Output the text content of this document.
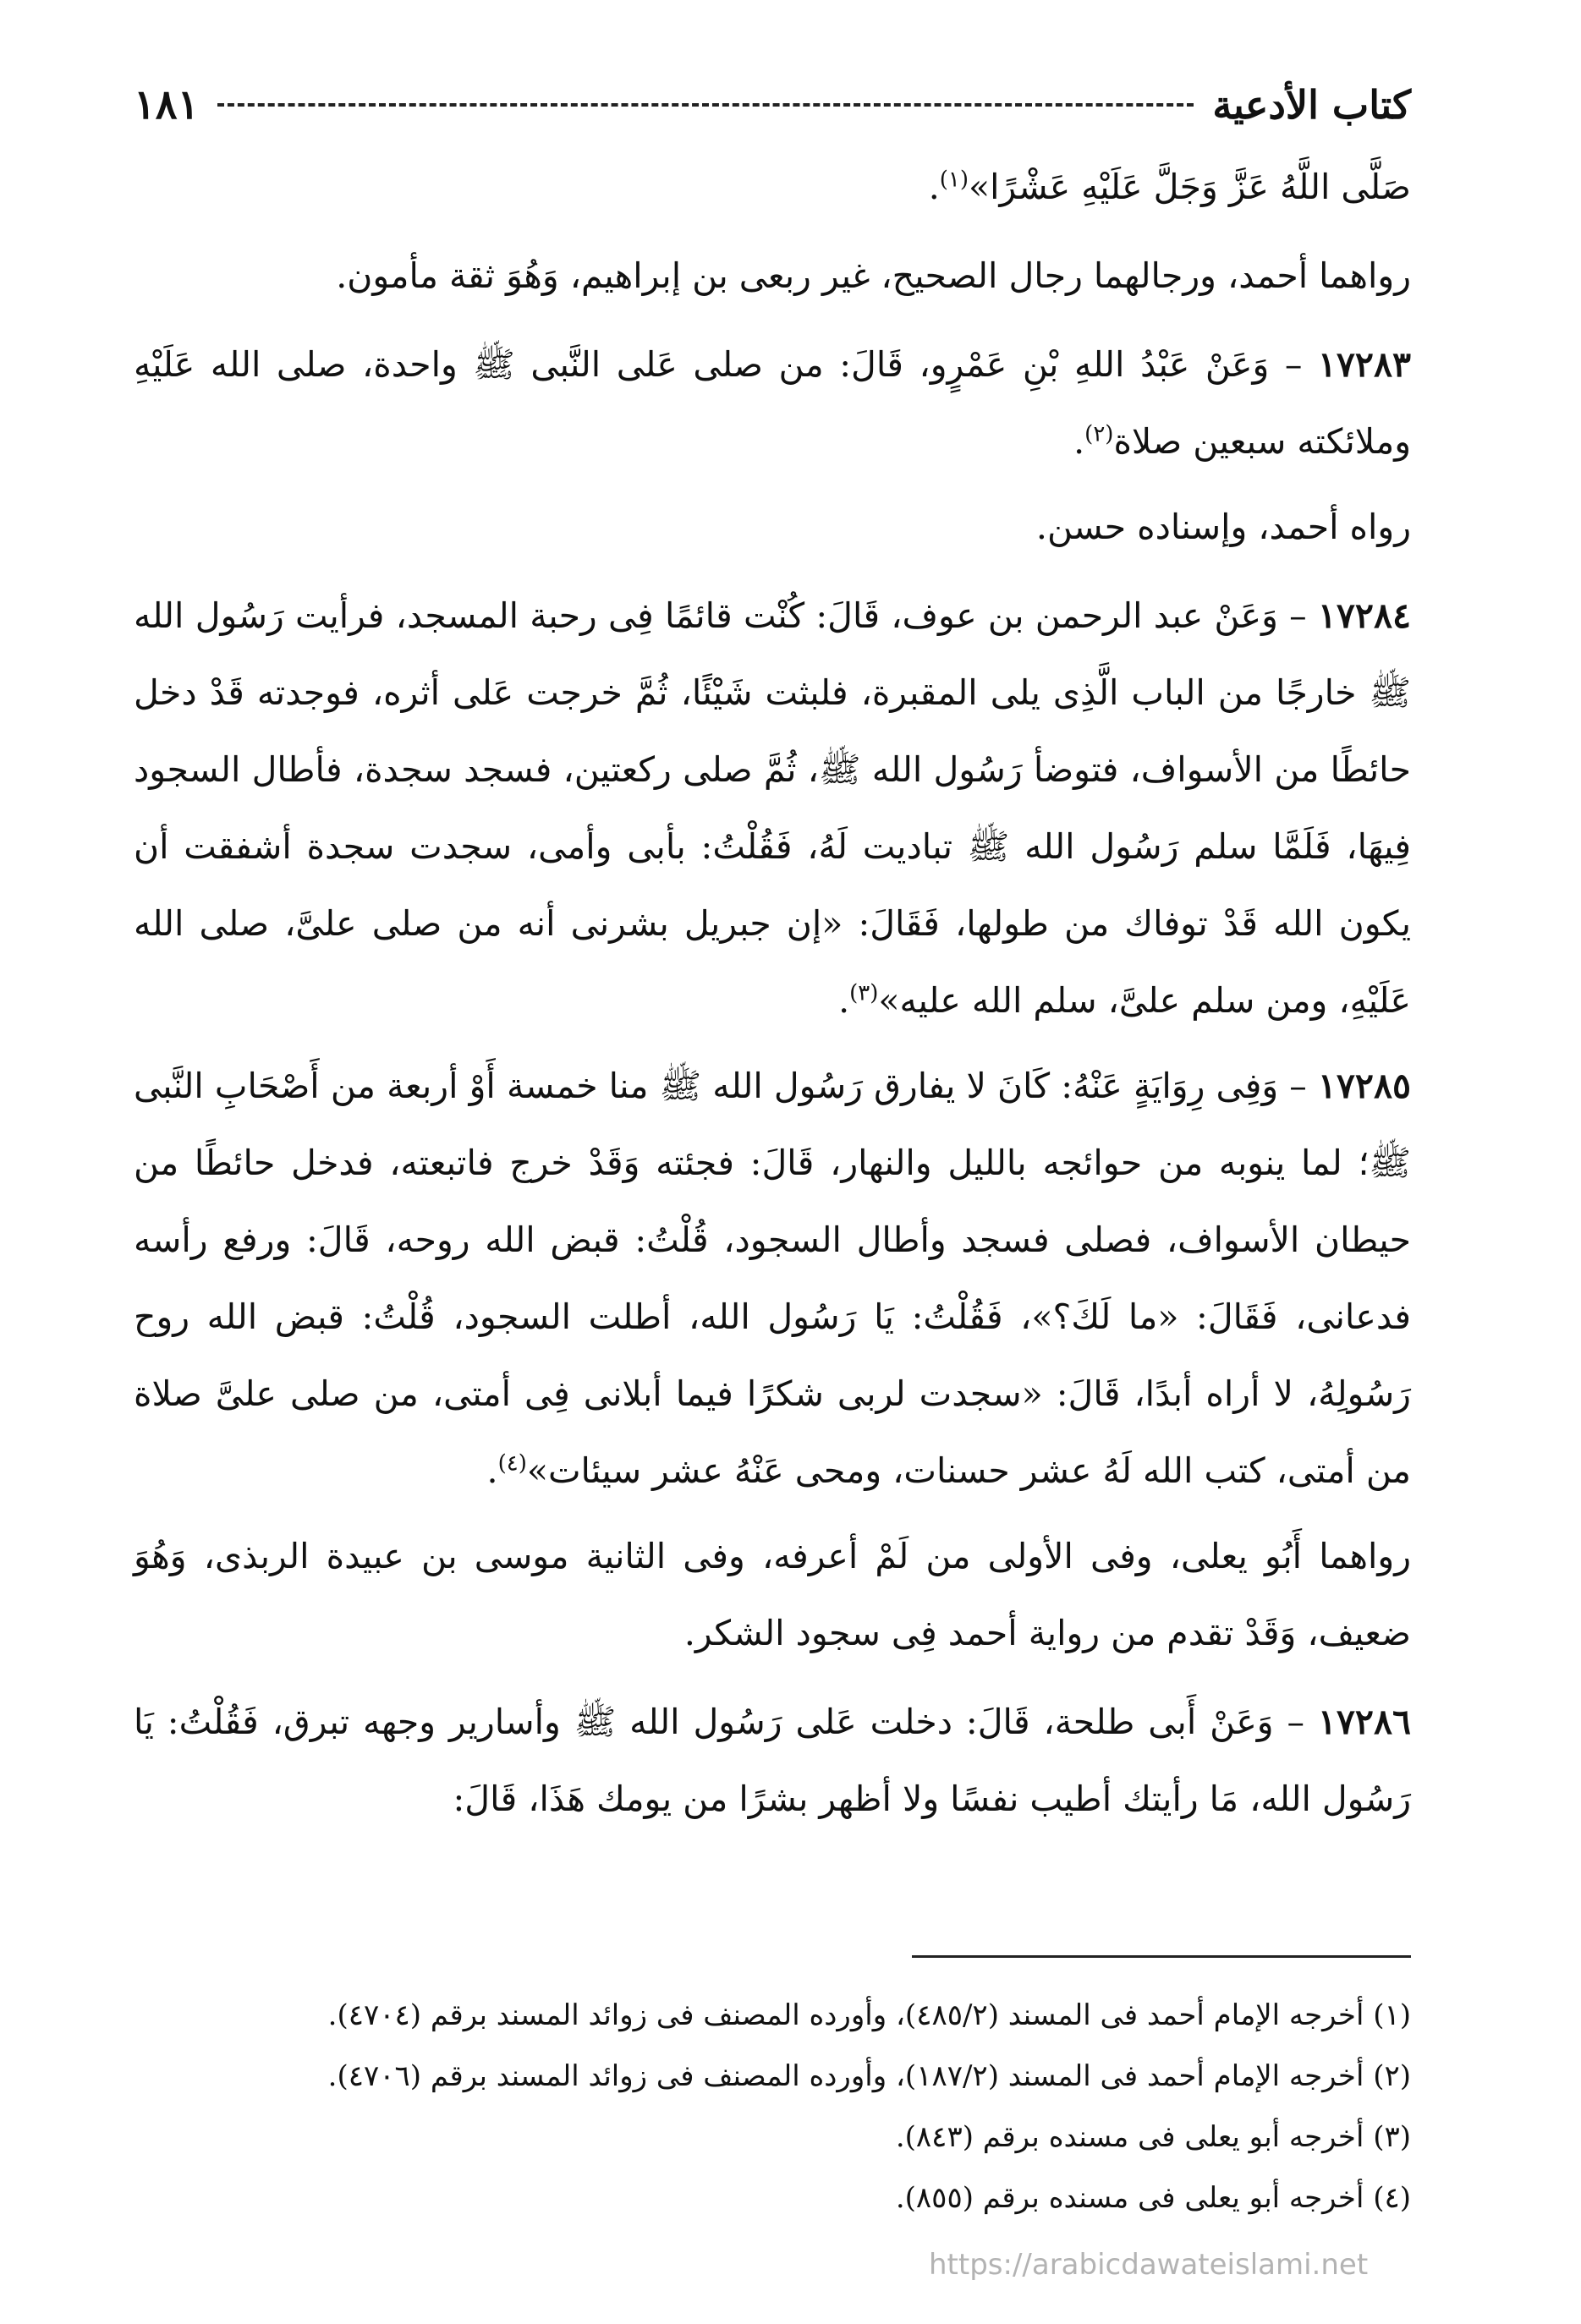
كتاب الأدعية
١٨١

صَلَّى اللَّهُ عَزَّ وَجَلَّ عَلَيْهِ عَشْرًا»$^{(١)}$.

رواهما أحمد، ورجالهما رجال الصحيح، غير ربعى بن إبراهيم، وَهُوَ ثقة مأمون.

١٧٢٨٣ – وَعَنْ عَبْدُ اللهِ بْنِ عَمْرٍو، قَالَ: من صلى عَلى النَّبى ﷺ واحدة، صلى الله عَلَيْهِ وملائكته سبعين صلاة$^{(٢)}$.

رواه أحمد، وإسناده حسن.

١٧٢٨٤ – وَعَنْ عبد الرحمن بن عوف، قَالَ: كُنْت قائمًا فِى رحبة المسجد، فرأيت رَسُول الله ﷺ خارجًا من الباب الَّذِى يلى المقبرة، فلبثت شَيْئًا، ثُمَّ خرجت عَلى أثره، فوجدته قَدْ دخل حائطًا من الأسواف، فتوضأ رَسُول الله ﷺ، ثُمَّ صلى ركعتين، فسجد سجدة، فأطال السجود فِيهَا، فَلَمَّا سلم رَسُول الله ﷺ تباديت لَهُ، فَقُلْتُ: بأبى وأمى، سجدت سجدة أشفقت أن يكون الله قَدْ توفاك من طولها، فَقَالَ: «إن جبريل بشرنى أنه من صلى علىَّ، صلى الله عَلَيْهِ، ومن سلم علىَّ، سلم الله عليه»$^{(٣)}$.

١٧٢٨٥ – وَفِى رِوَايَةٍ عَنْهُ: كَانَ لا يفارق رَسُول الله ﷺ منا خمسة أَوْ أربعة من أَصْحَابِ النَّبى ﷺ؛ لما ينوبه من حوائجه بالليل والنهار، قَالَ: فجئته وَقَدْ خرج فاتبعته، فدخل حائطًا من حيطان الأسواف، فصلى فسجد وأطال السجود، قُلْتُ: قبض الله روحه، قَالَ: ورفع رأسه فدعانى، فَقَالَ: «ما لَكَ؟»، فَقُلْتُ: يَا رَسُول الله، أطلت السجود، قُلْتُ: قبض الله روح رَسُولِهُ، لا أراه أبدًا، قَالَ: «سجدت لربى شكرًا فيما أبلانى فِى أمتى، من صلى علىَّ صلاة من أمتى، كتب الله لَهُ عشر حسنات، ومحى عَنْهُ عشر سيئات»$^{(٤)}$.

رواهما أَبُو يعلى، وفى الأولى من لَمْ أعرفه، وفى الثانية موسى بن عبيدة الربذى، وَهُوَ ضعيف، وَقَدْ تقدم من رواية أحمد فِى سجود الشكر.

١٧٢٨٦ – وَعَنْ أَبى طلحة، قَالَ: دخلت عَلى رَسُول الله ﷺ وأسارير وجهه تبرق، فَقُلْتُ: يَا رَسُول الله، مَا رأيتك أطيب نفسًا ولا أظهر بشرًا من يومك هَذَا، قَالَ:

(١) أخرجه الإمام أحمد فى المسند (٤٨٥/٢)، وأورده المصنف فى زوائد المسند برقم (٤٧٠٤).

(٢) أخرجه الإمام أحمد فى المسند (١٨٧/٢)، وأورده المصنف فى زوائد المسند برقم (٤٧٠٦).

(٣) أخرجه أبو يعلى فى مسنده برقم (٨٤٣).

(٤) أخرجه أبو يعلى فى مسنده برقم (٨٥٥).

https://arabicdawateislami.net
